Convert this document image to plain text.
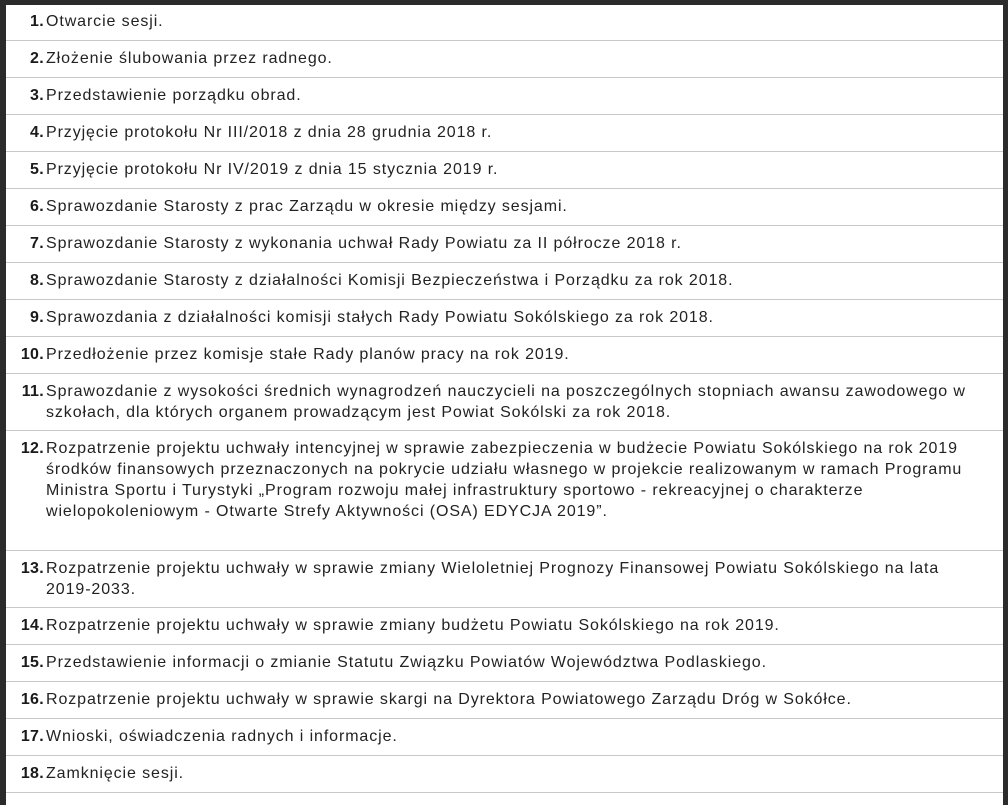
1. Otwarcie sesji.
2. Złożenie ślubowania przez radnego.
3. Przedstawienie porządku obrad.
4. Przyjęcie protokołu Nr III/2018 z dnia 28 grudnia 2018 r.
5. Przyjęcie protokołu Nr IV/2019 z dnia 15 stycznia 2019 r.
6. Sprawozdanie Starosty z prac Zarządu w okresie między sesjami.
7. Sprawozdanie Starosty z wykonania uchwał Rady Powiatu za II półrocze 2018 r.
8. Sprawozdanie Starosty z działalności Komisji Bezpieczeństwa i Porządku za rok 2018.
9. Sprawozdania z działalności komisji stałych Rady Powiatu Sokólskiego za rok 2018.
10. Przedłożenie przez komisje stałe Rady planów pracy na rok 2019.
11. Sprawozdanie z wysokości średnich wynagrodzeń nauczycieli na poszczególnych stopniach awansu zawodowego w szkołach, dla których organem prowadzącym jest Powiat Sokólski za rok 2018.
12. Rozpatrzenie projektu uchwały intencyjnej w sprawie zabezpieczenia w budżecie Powiatu Sokólskiego na rok 2019 środków finansowych przeznaczonych na pokrycie udziału własnego w projekcie realizowanym w ramach Programu Ministra Sportu i Turystyki „Program rozwoju małej infrastruktury sportowo - rekreacyjnej o charakterze wielopokoleniowym - Otwarte Strefy Aktywności (OSA) EDYCJA 2019”.
13. Rozpatrzenie projektu uchwały w sprawie zmiany Wieloletniej Prognozy Finansowej Powiatu Sokólskiego na lata 2019-2033.
14. Rozpatrzenie projektu uchwały w sprawie zmiany budżetu Powiatu Sokólskiego na rok 2019.
15. Przedstawienie informacji o zmianie Statutu Związku Powiatów Województwa Podlaskiego.
16. Rozpatrzenie projektu uchwały w sprawie skargi na Dyrektora Powiatowego Zarządu Dróg w Sokółce.
17. Wnioski, oświadczenia radnych i informacje.
18. Zamknięcie sesji.
